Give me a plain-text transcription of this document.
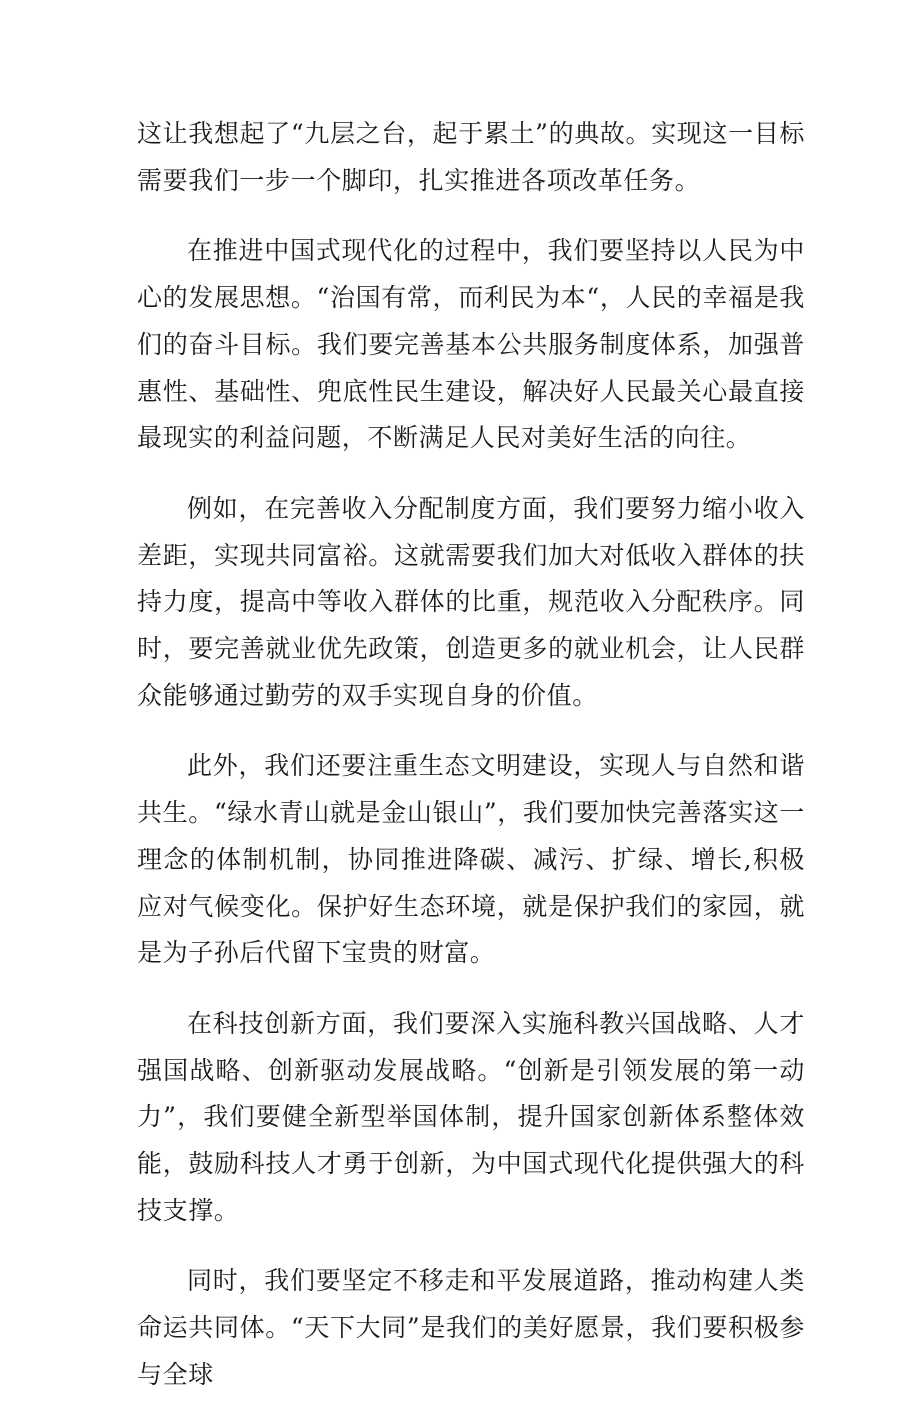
这让我想起了“九层之台，起于累土”的典故。实现这一目标需要我们一步一个脚印，扎实推进各项改革任务。

在推进中国式现代化的过程中，我们要坚持以人民为中心的发展思想。“治国有常，而利民为本“，人民的幸福是我们的奋斗目标。我们要完善基本公共服务制度体系，加强普惠性、基础性、兜底性民生建设，解决好人民最关心最直接最现实的利益问题，不断满足人民对美好生活的向往。

例如，在完善收入分配制度方面，我们要努力缩小收入差距，实现共同富裕。这就需要我们加大对低收入群体的扶持力度，提高中等收入群体的比重，规范收入分配秩序。同时，要完善就业优先政策，创造更多的就业机会，让人民群众能够通过勤劳的双手实现自身的价值。

此外，我们还要注重生态文明建设，实现人与自然和谐共生。“绿水青山就是金山银山”，我们要加快完善落实这一理念的体制机制，协同推进降碳、减污、扩绿、增长,积极应对气候变化。保护好生态环境，就是保护我们的家园，就是为子孙后代留下宝贵的财富。

在科技创新方面，我们要深入实施科教兴国战略、人才强国战略、创新驱动发展战略。“创新是引领发展的第一动力”，我们要健全新型举国体制，提升国家创新体系整体效能，鼓励科技人才勇于创新，为中国式现代化提供强大的科技支撑。

同时，我们要坚定不移走和平发展道路，推动构建人类命运共同体。“天下大同”是我们的美好愿景，我们要积极参与全球
